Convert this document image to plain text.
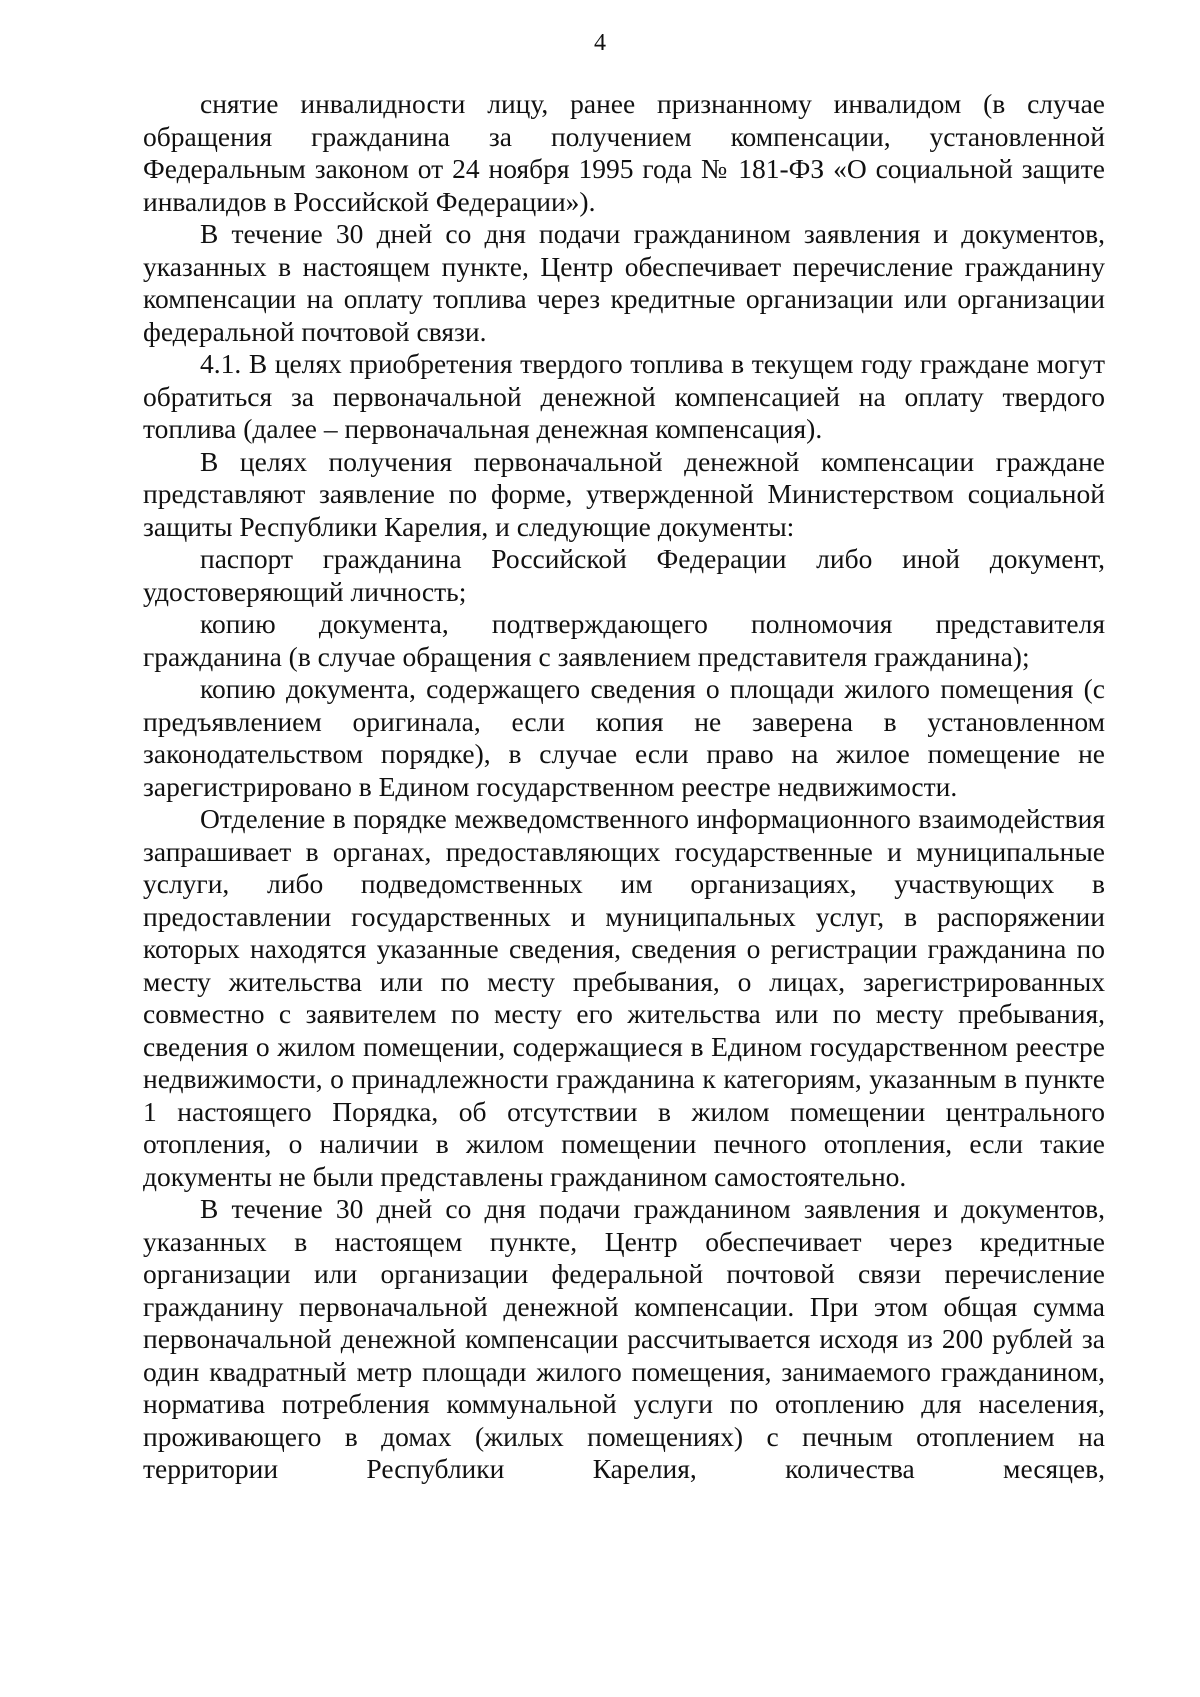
4

снятие инвалидности лицу, ранее признанному инвалидом (в случае обращения гражданина за получением компенсации, установленной Федеральным законом от 24 ноября 1995 года № 181-ФЗ «О социальной защите инвалидов в Российской Федерации»).

В течение 30 дней со дня подачи гражданином заявления и документов, указанных в настоящем пункте, Центр обеспечивает перечисление гражданину компенсации на оплату топлива через кредитные организации или организации федеральной почтовой связи.

4.1. В целях приобретения твердого топлива в текущем году граждане могут обратиться за первоначальной денежной компенсацией на оплату твердого топлива (далее – первоначальная денежная компенсация).

В целях получения первоначальной денежной компенсации граждане представляют заявление по форме, утвержденной Министерством социальной защиты Республики Карелия, и следующие документы:

паспорт гражданина Российской Федерации либо иной документ, удостоверяющий личность;

копию документа, подтверждающего полномочия представителя гражданина (в случае обращения с заявлением представителя гражданина);

копию документа, содержащего сведения о площади жилого помещения (с предъявлением оригинала, если копия не заверена в установленном законодательством порядке), в случае если право на жилое помещение не зарегистрировано в Едином государственном реестре недвижимости.

Отделение в порядке межведомственного информационного взаимодействия запрашивает в органах, предоставляющих государственные и муниципальные услуги, либо подведомственных им организациях, участвующих в предоставлении государственных и муниципальных услуг, в распоряжении которых находятся указанные сведения, сведения о регистрации гражданина по месту жительства или по месту пребывания, о лицах, зарегистрированных совместно с заявителем по месту его жительства или по месту пребывания, сведения о жилом помещении, содержащиеся в Едином государственном реестре недвижимости, о принадлежности гражданина к категориям, указанным в пункте 1 настоящего Порядка, об отсутствии в жилом помещении центрального отопления, о наличии в жилом помещении печного отопления, если такие документы не были представлены гражданином самостоятельно.

В течение 30 дней со дня подачи гражданином заявления и документов, указанных в настоящем пункте, Центр обеспечивает через кредитные организации или организации федеральной почтовой связи перечисление гражданину первоначальной денежной компенсации. При этом общая сумма первоначальной денежной компенсации рассчитывается исходя из 200 рублей за один квадратный метр площади жилого помещения, занимаемого гражданином, норматива потребления коммунальной услуги по отоплению для населения, проживающего в домах (жилых помещениях) с печным отоплением на территории Республики Карелия, количества месяцев,
